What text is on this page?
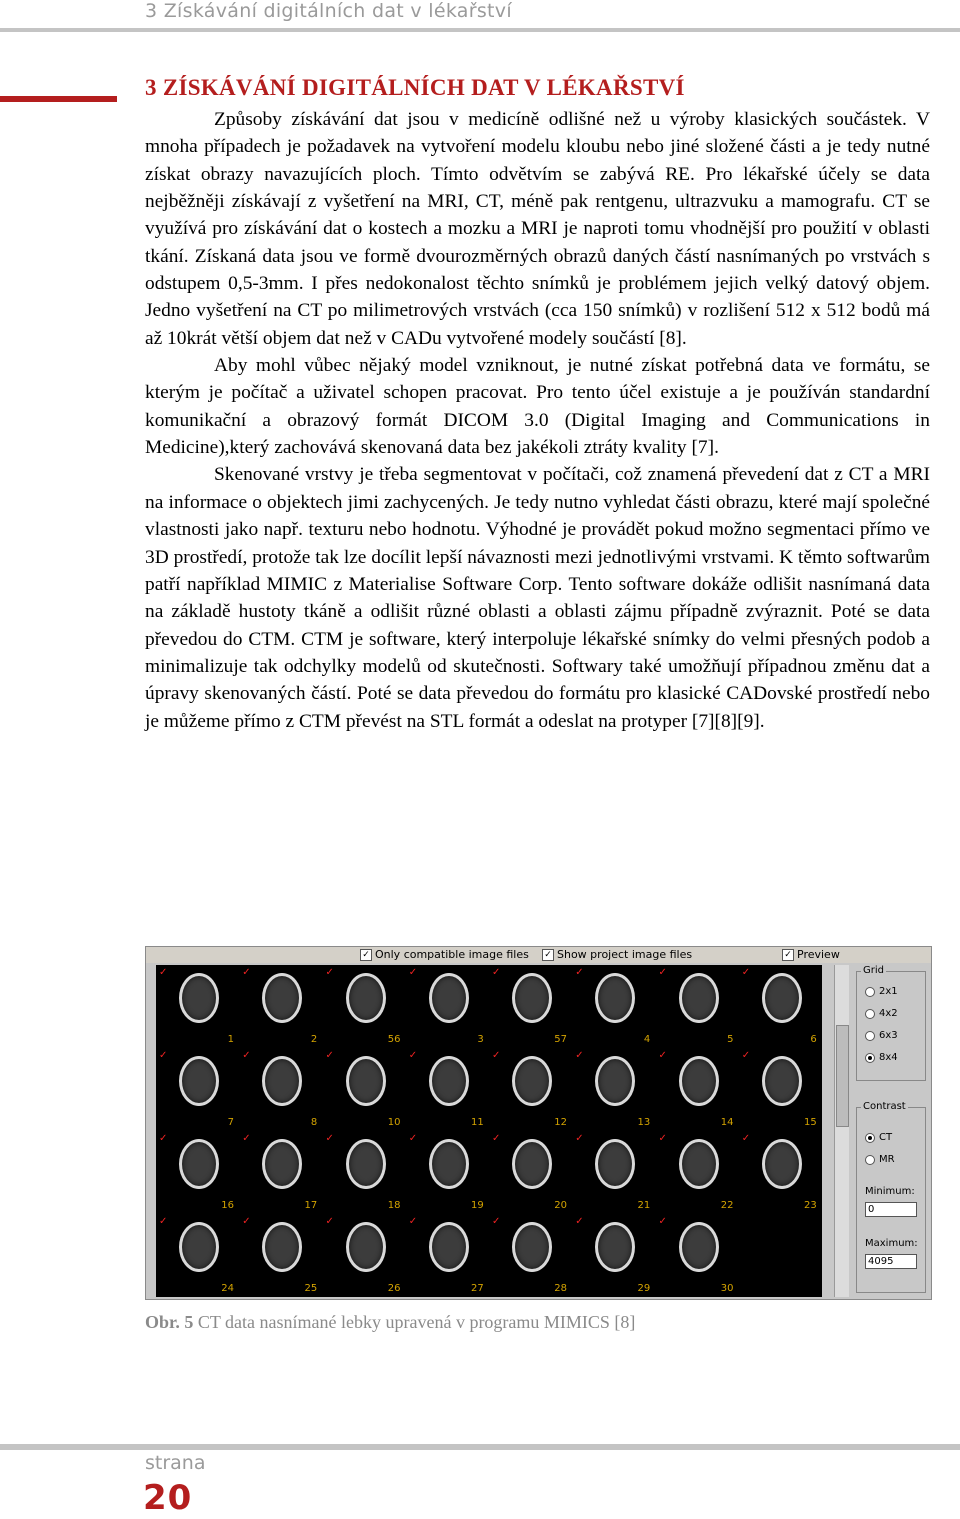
3 Získávání digitálních dat v lékařství
3 ZÍSKÁVÁNÍ DIGITÁLNÍCH DAT V LÉKAŘSTVÍ

Způsoby získávání dat jsou v medicíně odlišné než u výroby klasických součástek. V mnoha případech je požadavek na vytvoření modelu kloubu nebo jiné složené části a je tedy nutné získat obrazy navazujících ploch. Tímto odvětvím se zabývá RE. Pro lékařské účely se data nejběžněji získávají z vyšetření na MRI, CT, méně pak rentgenu, ultrazvuku a mamografu. CT se využívá pro získávání dat o kostech a mozku a MRI je naproti tomu vhodnější pro použití v oblasti tkání. Získaná data jsou ve formě dvourozměrných obrazů daných částí nasnímaných po vrstvách s odstupem 0,5-3mm. I přes nedokonalost těchto snímků je problémem jejich velký datový objem. Jedno vyšetření na CT po milimetrových vrstvách (cca 150 snímků) v rozlišení 512 x 512 bodů má až 10krát větší objem dat než v CADu vytvořené modely součástí [8].

Aby mohl vůbec nějaký model vzniknout, je nutné získat potřebná data ve formátu, se kterým je počítač a uživatel schopen pracovat. Pro tento účel existuje a je používán standardní komunikační a obrazový formát DICOM 3.0 (Digital Imaging and Communications in Medicine),který zachovává skenovaná data bez jakékoli ztráty kvality [7].

Skenované vrstvy je třeba segmentovat v počítači, což znamená převedení dat z CT a MRI na informace o objektech jimi zachycených. Je tedy nutno vyhledat části obrazu, které mají společné vlastnosti jako např. texturu nebo hodnotu. Výhodné je provádět pokud možno segmentaci přímo ve 3D prostředí, protože tak lze docílit lepší návaznosti mezi jednotlivými vrstvami. K těmto softwarům patří například MIMIC z Materialise Software Corp. Tento software dokáže odlišit nasnímaná data na základě hustoty tkáně a odlišit různé oblasti a oblasti zájmu případně zvýraznit. Poté se data převedou do CTM. CTM je software, který interpoluje lékařské snímky do velmi přesných podob a minimalizuje tak odchylky modelů od skutečnosti. Softwary také umožňují případnou změnu dat a úpravy skenovaných částí. Poté se data převedou do formátu pro klasické CADovské prostředí nebo je můžeme přímo z CTM převést na STL formát a odeslat na protyper [7][8][9].

✓ Only compatible image files ✓ Show project image files	✓ Preview
✓
1
✓
2
✓
56
✓
3
✓
57
✓
4
✓
5
✓
6
✓
7
✓
8
✓
10
✓
11
✓
12
✓
13
✓
14
✓
15
✓
16
✓
17
✓
18
✓
19
✓
20
✓
21
✓
22
✓
23
✓
24
✓
25
✓
26
✓
27
✓
28
✓
29
✓
30
Grid
2x1
4x2
6x3
8x4
Contrast
CT
MR
Minimum:
0
Maximum:
4095
Obr. 5 CT data nasnímané lebky upravená v programu MIMICS [8]
strana
20
